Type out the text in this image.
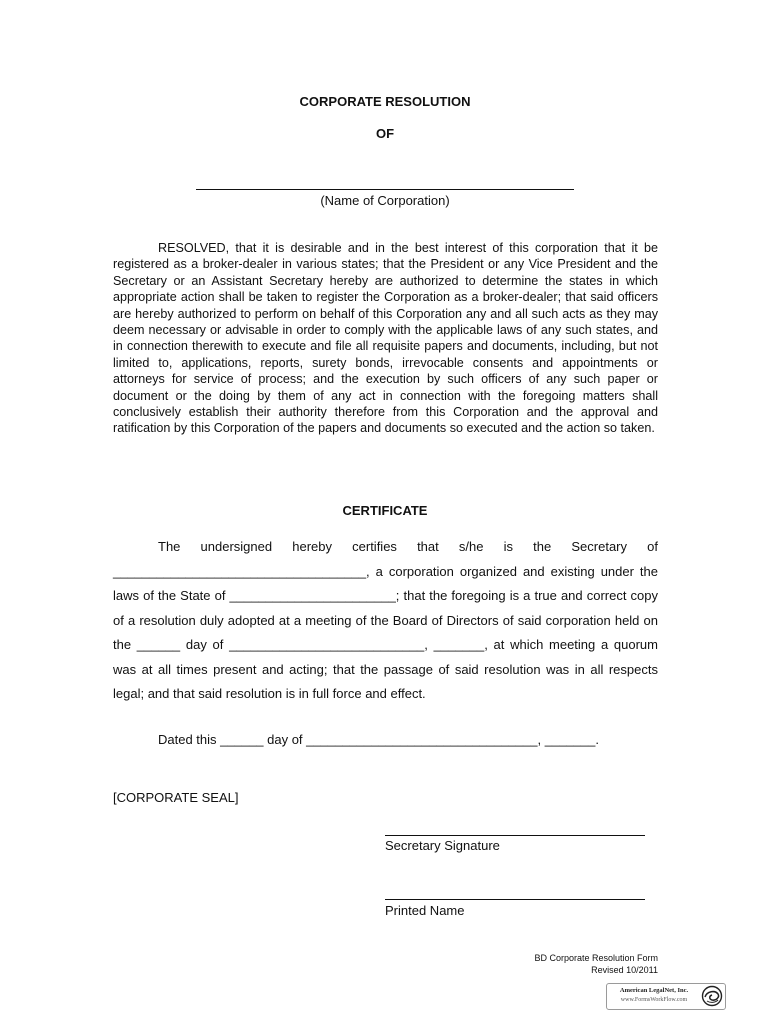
CORPORATE RESOLUTION
OF
(Name of Corporation)

RESOLVED, that it is desirable and in the best interest of this corporation that it be registered as a broker-dealer in various states; that the President or any Vice President and the Secretary or an Assistant Secretary hereby are authorized to determine the states in which appropriate action shall be taken to register the Corporation as a broker-dealer; that said officers are hereby authorized to perform on behalf of this Corporation any and all such acts as they may deem necessary or advisable in order to comply with the applicable laws of any such states, and in connection therewith to execute and file all requisite papers and documents, including, but not limited to, applications, reports, surety bonds, irrevocable consents and appointments or attorneys for service of process; and the execution by such officers of any such paper or document or the doing by them of any act in connection with the foregoing matters shall conclusively establish their authority therefore from this Corporation and the approval and ratification by this Corporation of the papers and documents so executed and the action so taken.

CERTIFICATE

The undersigned hereby certifies that s/he is the Secretary of ___________________________________, a corporation organized and existing under the laws of the State of _______________________; that the foregoing is a true and correct copy of a resolution duly adopted at a meeting of the Board of Directors of said corporation held on the ______ day of ___________________________, _______, at which meeting a quorum was at all times present and acting; that the passage of said resolution was in all respects legal; and that said resolution is in full force and effect.

Dated this ______ day of ________________________________, _______.
[CORPORATE SEAL]
Secretary Signature
Printed Name
BD Corporate Resolution Form
Revised 10/2011
American LegalNet, Inc.
www.FormsWorkFlow.com
